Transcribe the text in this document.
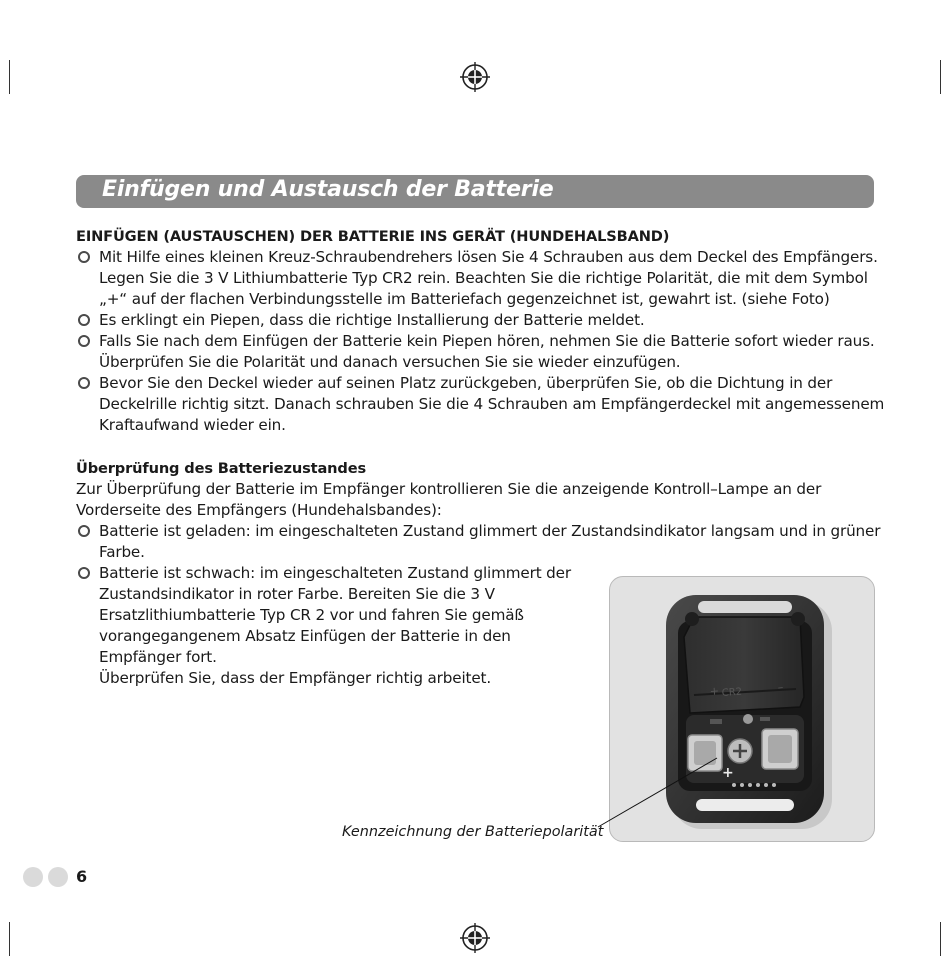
Einfügen und Austausch der Batterie
EINFÜGEN (AUSTAUSCHEN) DER BATTERIE INS GERÄT (HUNDEHALSBAND)
Mit Hilfe eines kleinen Kreuz-Schraubendrehers lösen Sie 4 Schrauben aus dem Deckel des Empfängers.
Legen Sie die 3 V Lithiumbatterie Typ CR2 rein. Beachten Sie die richtige Polarität, die mit dem Symbol
„+“ auf der flachen Verbindungsstelle im Batteriefach gegenzeichnet ist, gewahrt ist. (siehe Foto)
Es erklingt ein Piepen, dass die richtige Installierung der Batterie meldet.
Falls Sie nach dem Einfügen der Batterie kein Piepen hören, nehmen Sie die Batterie sofort wieder raus.
Überprüfen Sie die Polarität und danach versuchen Sie sie wieder einzufügen.
Bevor Sie den Deckel wieder auf seinen Platz zurückgeben, überprüfen Sie, ob die Dichtung in der
Deckelrille richtig sitzt. Danach schrauben Sie die 4 Schrauben am Empfängerdeckel mit angemessenem
Kraftaufwand wieder ein.
Überprüfung des Batteriezustandes
Zur Überprüfung der Batterie im Empfänger kontrollieren Sie die anzeigende Kontroll–Lampe an der
Vorderseite des Empfängers (Hundehalsbandes):
Batterie ist geladen: im eingeschalteten Zustand glimmert der Zustandsindikator langsam und in grüner
Farbe.
Batterie ist schwach: im eingeschalteten Zustand glimmert der
Zustandsindikator in roter Farbe. Bereiten Sie die 3 V
Ersatzlithiumbatterie Typ CR 2 vor und fahren Sie gemäß
vorangegangenem Absatz Einfügen der Batterie in den
Empfänger fort.
Überprüfen Sie, dass der Empfänger richtig arbeitet.
+ CR2	–
+
Kennzeichnung der Batteriepolarität
6
